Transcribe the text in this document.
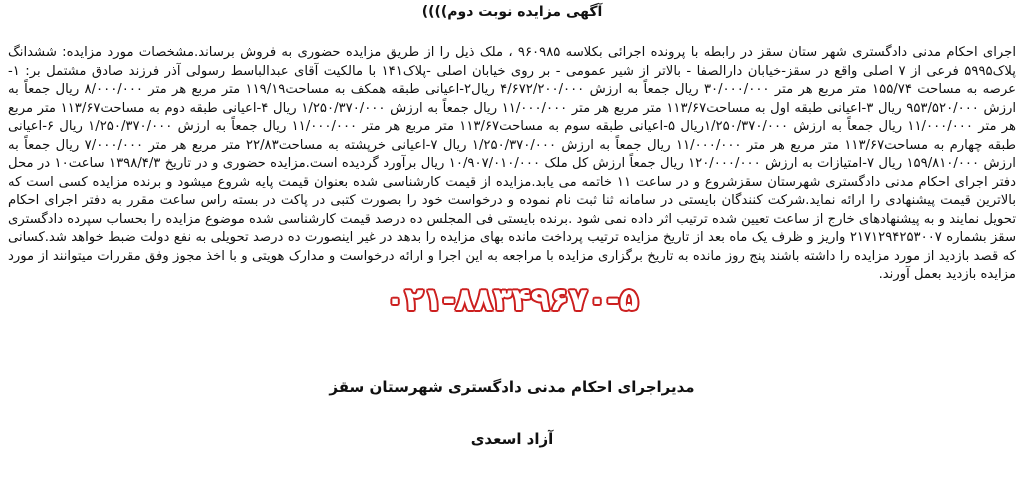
آگهی مزایده نوبت دوم))))

اجرای احکام مدنی دادگستری شهر ستان سقز در رابطه با پرونده اجرائی بکلاسه ۹۶۰۹۸۵ ، ملک ذیل را از طریق مزایده حضوری به فروش برساند.مشخصات مورد مزایده: ششدانگ پلاک۵۹۹۵ فرعی از ۷ اصلی واقع در سقز-خیابان دارالصفا - بالاتر از شیر عمومی - بر روی خیابان اصلی -پلاک۱۴۱ با مالکیت آقای عبدالباسط رسولی آذر فرزند صادق مشتمل بر: ۱- عرصه به مساحت ۱۵۵/۷۴ متر مربع هر متر ۳۰/۰۰۰/۰۰۰ ریال جمعاً به ارزش ۴/۶۷۲/۲۰۰/۰۰۰ ریال۲-اعیانی طبقه همکف به مساحت۱۱۹/۱۹ متر مربع هر متر ۸/۰۰۰/۰۰۰ ریال جمعاً به ارزش ۹۵۳/۵۲۰/۰۰۰ ریال ۳-اعیانی طبقه اول به مساحت۱۱۳/۶۷ متر مربع هر متر ۱۱/۰۰۰/۰۰۰ ریال جمعاً به ارزش ۱/۲۵۰/۳۷۰/۰۰۰ ریال ۴-اعیانی طبقه دوم به مساحت۱۱۳/۶۷ متر مربع هر متر ۱۱/۰۰۰/۰۰۰ ریال جمعاً به ارزش ۱/۲۵۰/۳۷۰/۰۰۰ریال ۵-اعیانی طبقه سوم به مساحت۱۱۳/۶۷ متر مربع هر متر ۱۱/۰۰۰/۰۰۰ ریال جمعاً به ارزش ۱/۲۵۰/۳۷۰/۰۰۰ ریال ۶-اعیانی طبقه چهارم به مساحت۱۱۳/۶۷ متر مربع هر متر ۱۱/۰۰۰/۰۰۰ ریال جمعاً به ارزش ۱/۲۵۰/۳۷۰/۰۰۰ ریال ۷-اعیانی خرپشته به مساحت۲۲/۸۳ متر مربع هر متر ۷/۰۰۰/۰۰۰ ریال جمعاً به ارزش ۱۵۹/۸۱۰/۰۰۰ ریال ۷-امتیازات به ارزش ۱۲۰/۰۰۰/۰۰۰ ریال جمعاً ارزش کل ملک ۱۰/۹۰۷/۰۱۰/۰۰۰ ریال برآورد گردیده است.مزایده حضوری و در تاریخ ۱۳۹۸/۴/۳ ساعت۱۰ در محل دفتر اجرای احکام مدنی دادگستری شهرستان سقزشروع و در ساعت ۱۱ خاتمه می یابد.مزایده از قیمت کارشناسی شده بعنوان قیمت پایه شروع میشود و برنده مزایده کسی است که بالاترین قیمت پیشنهادی را ارائه نماید.شرکت کنندگان بایستی در سامانه ثنا ثبت نام نموده و درخواست خود را بصورت کتبی در پاکت در بسته راس ساعت مقرر به دفتر اجرای احکام تحویل نمایند و به پیشنهادهای خارج از ساعت تعیین شده ترتیب اثر داده نمی شود .برنده بایستی فی المجلس ده درصد قیمت کارشناسی شده موضوع مزایده را بحساب سپرده دادگستری سقز بشماره ۲۱۷۱۲۹۴۲۵۳۰۰۷ واریز و ظرف یک ماه بعد از تاریخ مزایده ترتیب پرداخت مانده بهای مزایده را بدهد در غیر اینصورت ده درصد تحویلی به نفع دولت ضبط خواهد شد.کسانی که قصد بازدید از مورد مزایده را داشته باشند پنج روز مانده به تاریخ برگزاری مزایده با مراجعه به این اجرا و ارائه درخواست و مدارک هویتی و با اخذ مجوز وفق مقررات میتوانند از مورد مزایده بازدید بعمل آورند.

۰۲۱-۸۸۳۴۹۶۷۰-۵
مدیراجرای احکام مدنی دادگستری شهرستان سقز
آزاد اسعدی
